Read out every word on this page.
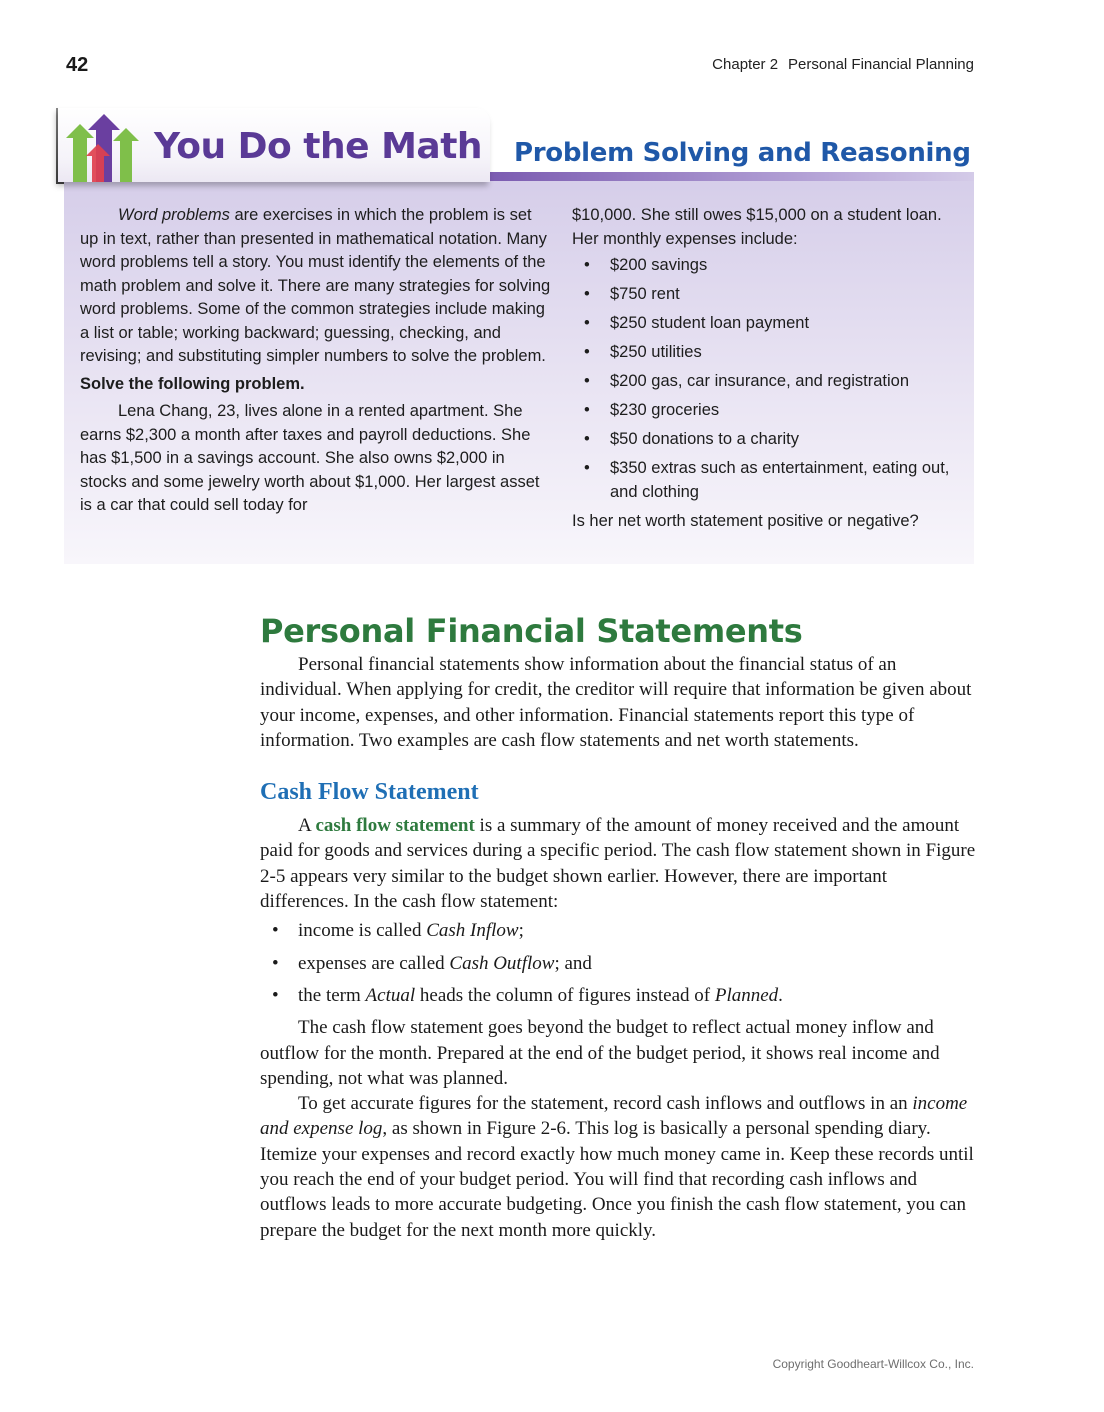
42	Chapter 2 Personal Financial Planning
You Do the Math Problem Solving and Reasoning

Word problems are exercises in which the problem is set up in text, rather than presented in mathematical notation. Many word problems tell a story. You must identify the elements of the math problem and solve it. There are many strategies for solving word problems. Some of the common strategies include making a list or table; working backward; guessing, checking, and revising; and substituting simpler numbers to solve the problem.

Solve the following problem.

Lena Chang, 23, lives alone in a rented apartment. She earns $2,300 a month after taxes and payroll deductions. She has $1,500 in a savings account. She also owns $2,000 in stocks and some jewelry worth about $1,000. Her largest asset is a car that could sell today for

$10,000. She still owes $15,000 on a student loan. Her monthly expenses include:

• $200 savings
• $750 rent
• $250 student loan payment
• $250 utilities
• $200 gas, car insurance, and registration
• $230 groceries
• $50 donations to a charity
• $350 extras such as entertainment, eating out, and clothing

Is her net worth statement positive or negative?

Personal Financial Statements

Personal financial statements show information about the financial status of an individual. When applying for credit, the creditor will require that information be given about your income, expenses, and other information. Financial statements report this type of information. Two examples are cash flow statements and net worth statements.

Cash Flow Statement

A cash flow statement is a summary of the amount of money received and the amount paid for goods and services during a specific period. The cash flow statement shown in Figure 2-5 appears very similar to the budget shown earlier. However, there are important differences. In the cash flow statement:

• income is called Cash Inflow;
• expenses are called Cash Outflow; and
• the term Actual heads the column of figures instead of Planned.

The cash flow statement goes beyond the budget to reflect actual money inflow and outflow for the month. Prepared at the end of the budget period, it shows real income and spending, not what was planned.

To get accurate figures for the statement, record cash inflows and outflows in an income and expense log, as shown in Figure 2-6. This log is basically a personal spending diary. Itemize your expenses and record exactly how much money came in. Keep these records until you reach the end of your budget period. You will find that recording cash inflows and outflows leads to more accurate budgeting. Once you finish the cash flow statement, you can prepare the budget for the next month more quickly.

Copyright Goodheart-Willcox Co., Inc.
